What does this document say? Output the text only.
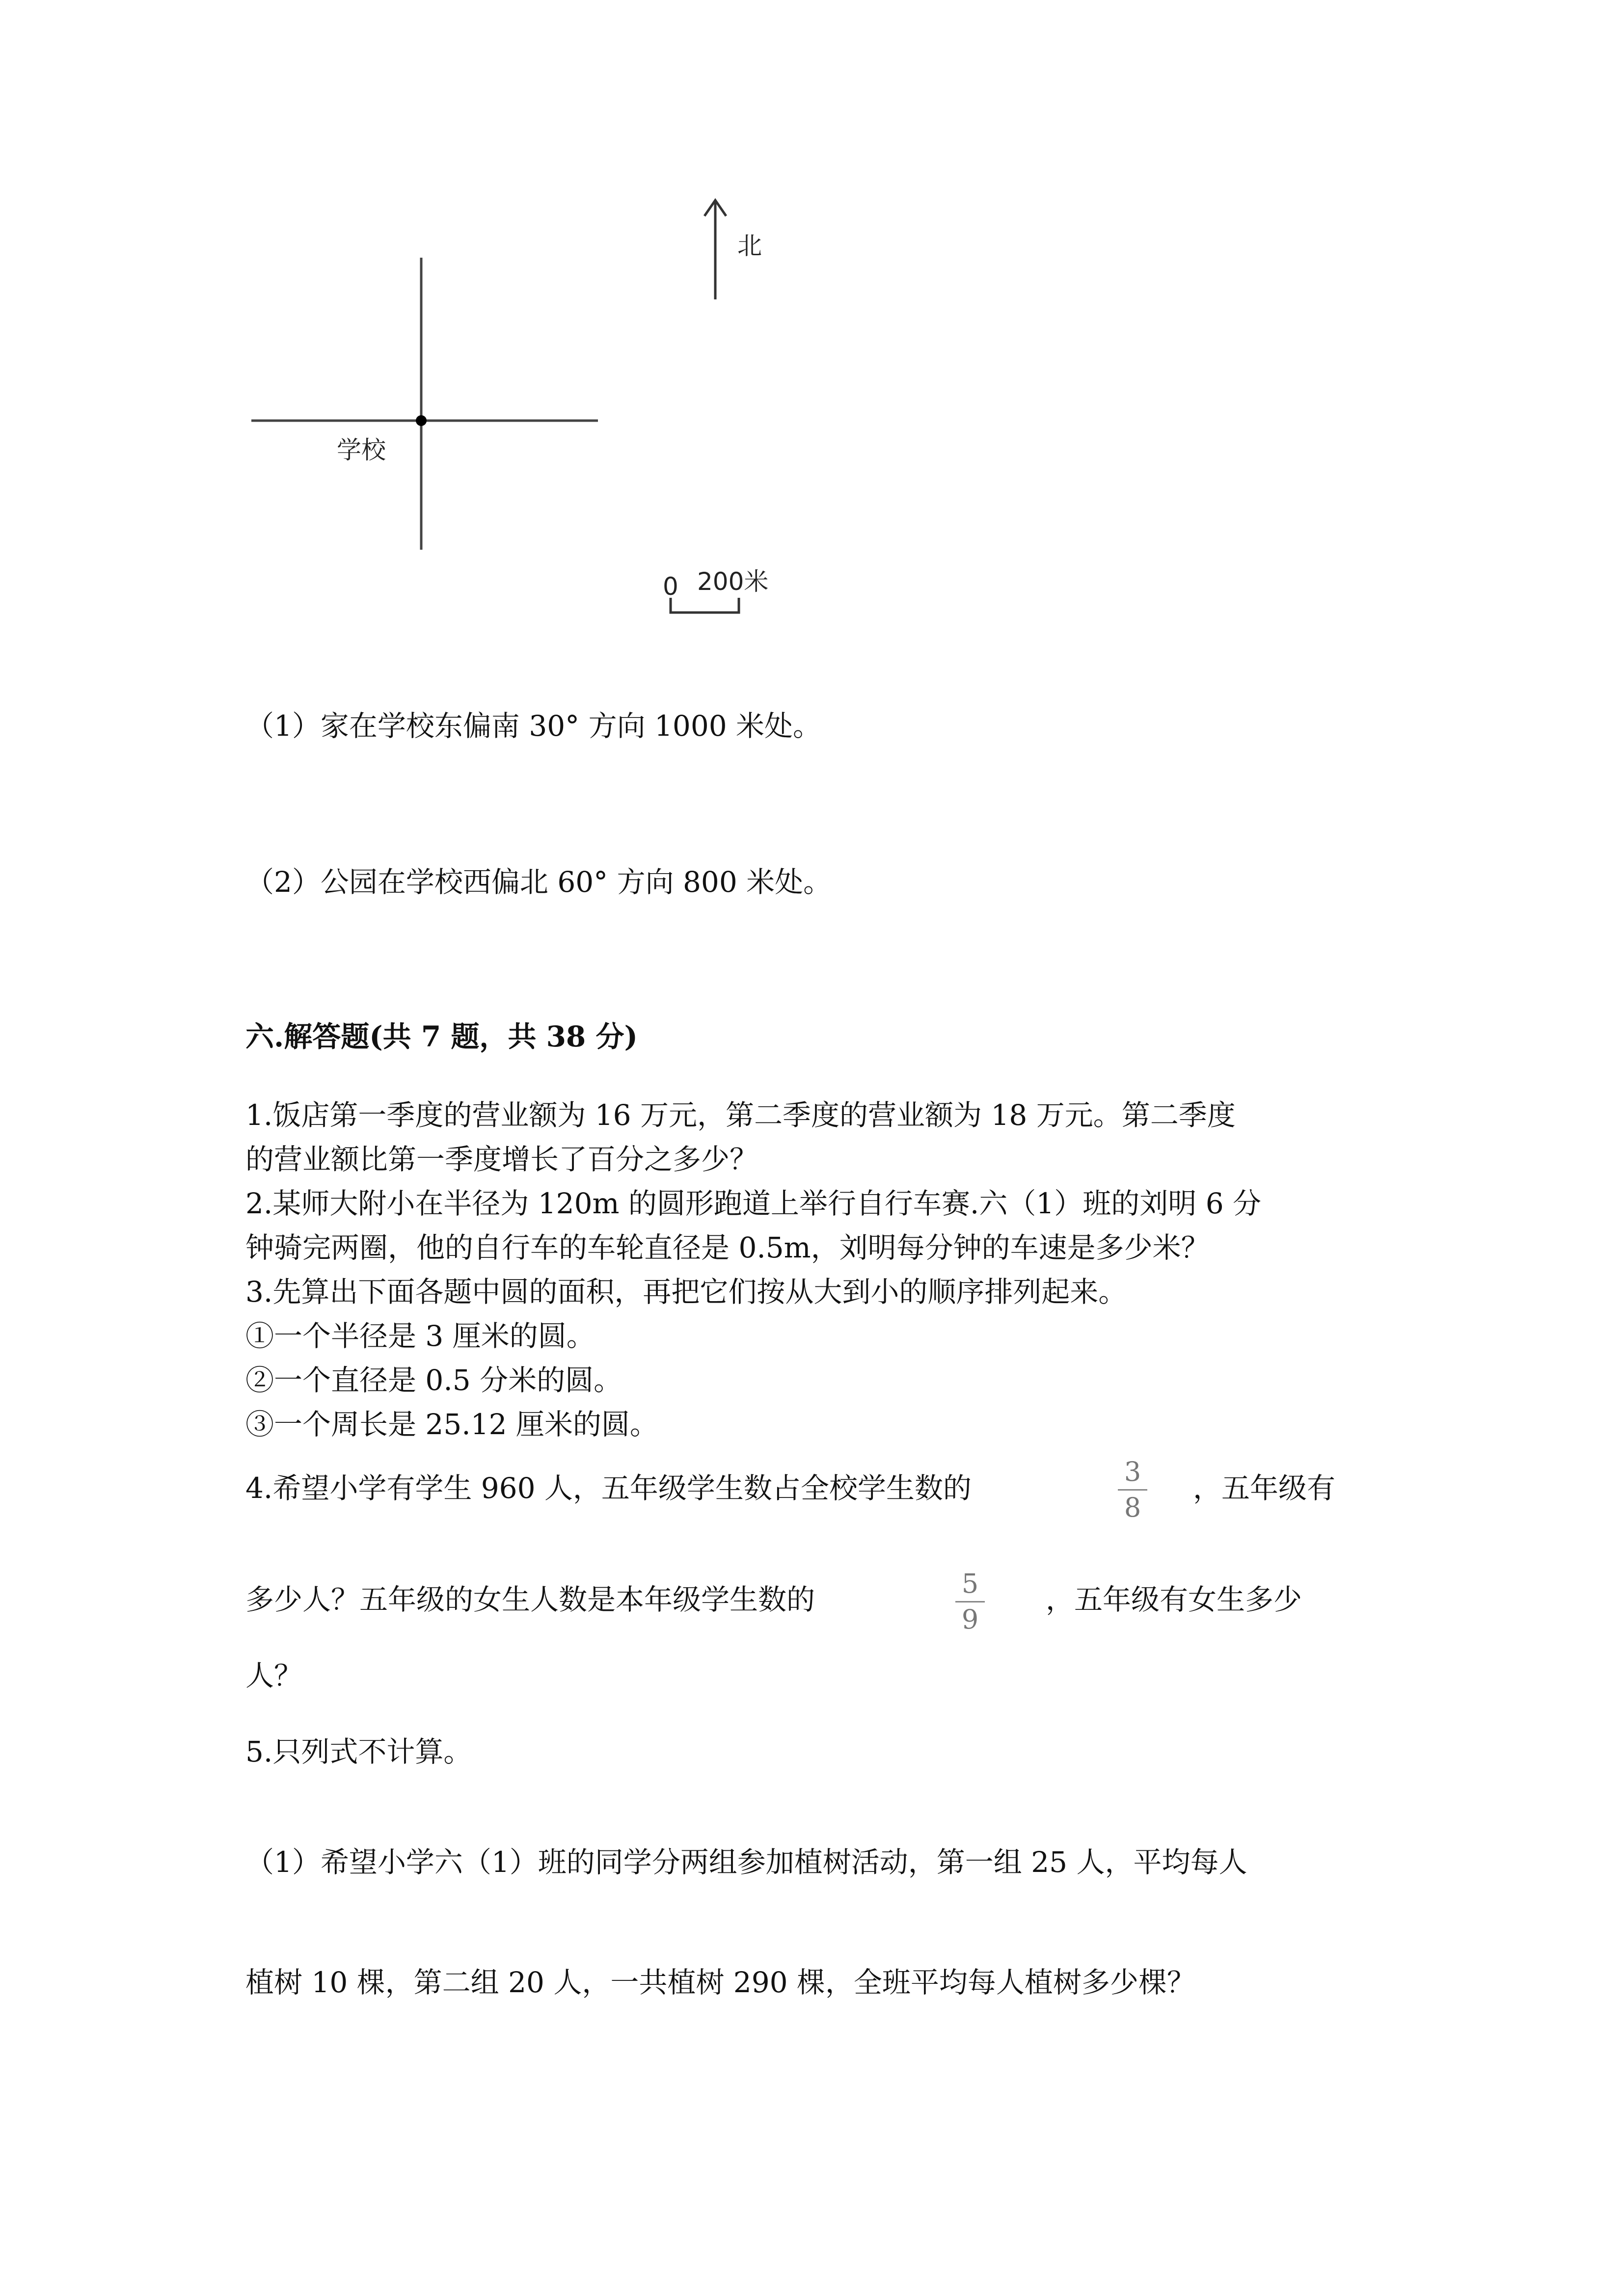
北
学校
0 200米
（1）家在学校东偏南 30° 方向 1000 米处。
（2）公园在学校西偏北 60° 方向 800 米处。
六.解答题(共 7 题，共 38 分)
1.饭店第一季度的营业额为 16 万元，第二季度的营业额为 18 万元。第二季度
的营业额比第一季度增长了百分之多少？
2.某师大附小在半径为 120m 的圆形跑道上举行自行车赛.六（1）班的刘明 6 分
钟骑完两圈，他的自行车的车轮直径是 0.5m，刘明每分钟的车速是多少米？
3.先算出下面各题中圆的面积，再把它们按从大到小的顺序排列起来。
①一个半径是 3 厘米的圆。
②一个直径是 0.5 分米的圆。
③一个周长是 25.12 厘米的圆。
4.希望小学有学生 960 人，五年级学生数占全校学生数的	3
8
，五年级有
多少人？五年级的女生人数是本年级学生数的	5
9
，五年级有女生多少
人？
5.只列式不计算。
（1）希望小学六（1）班的同学分两组参加植树活动，第一组 25 人，平均每人
植树 10 棵，第二组 20 人，一共植树 290 棵，全班平均每人植树多少棵？
